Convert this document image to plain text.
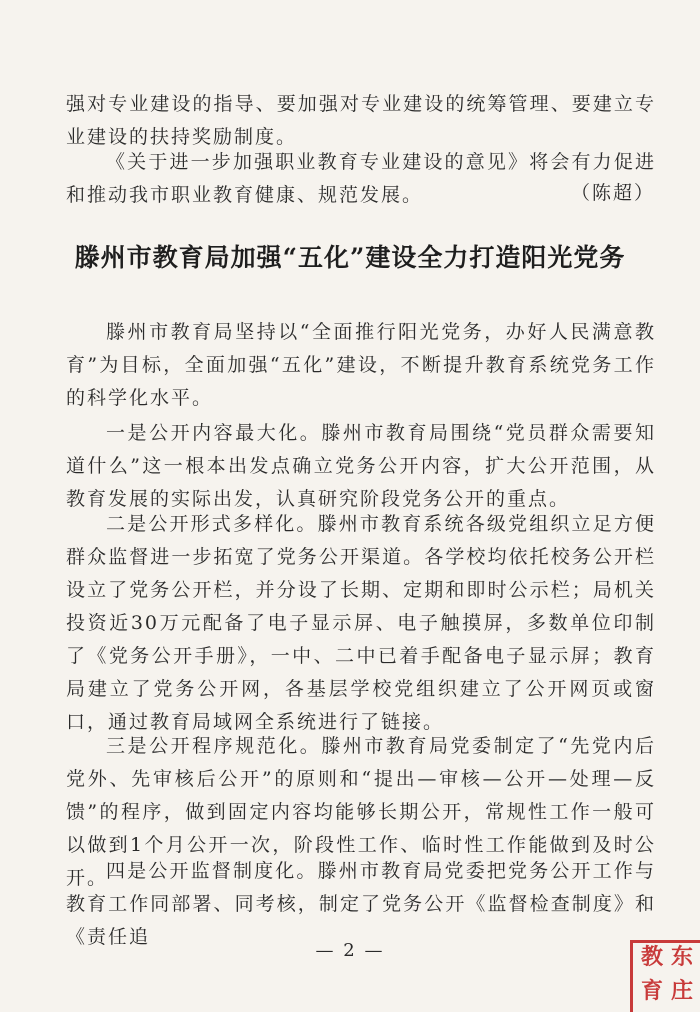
强对专业建设的指导、要加强对专业建设的统筹管理、要建立专业建设的扶持奖励制度。

《关于进一步加强职业教育专业建设的意见》将会有力促进和推动我市职业教育健康、规范发展。	（陈超）
滕州市教育局加强“五化”建设全力打造阳光党务

滕州市教育局坚持以“全面推行阳光党务，办好人民满意教育”为目标，全面加强“五化”建设，不断提升教育系统党务工作的科学化水平。

一是公开内容最大化。滕州市教育局围绕“党员群众需要知道什么”这一根本出发点确立党务公开内容，扩大公开范围，从教育发展的实际出发，认真研究阶段党务公开的重点。

二是公开形式多样化。滕州市教育系统各级党组织立足方便群众监督进一步拓宽了党务公开渠道。各学校均依托校务公开栏设立了党务公开栏，并分设了长期、定期和即时公示栏；局机关投资近30万元配备了电子显示屏、电子触摸屏，多数单位印制了《党务公开手册》，一中、二中已着手配备电子显示屏；教育局建立了党务公开网，各基层学校党组织建立了公开网页或窗口，通过教育局域网全系统进行了链接。

三是公开程序规范化。滕州市教育局党委制定了“先党内后党外、先审核后公开”的原则和“提出—审核—公开—处理—反馈”的程序，做到固定内容均能够长期公开，常规性工作一般可以做到1个月公开一次，阶段性工作、临时性工作能做到及时公开。

四是公开监督制度化。滕州市教育局党委把党务公开工作与教育工作同部署、同考核，制定了党务公开《监督检查制度》和《责任追

— 2 —	东
庄
教
育
